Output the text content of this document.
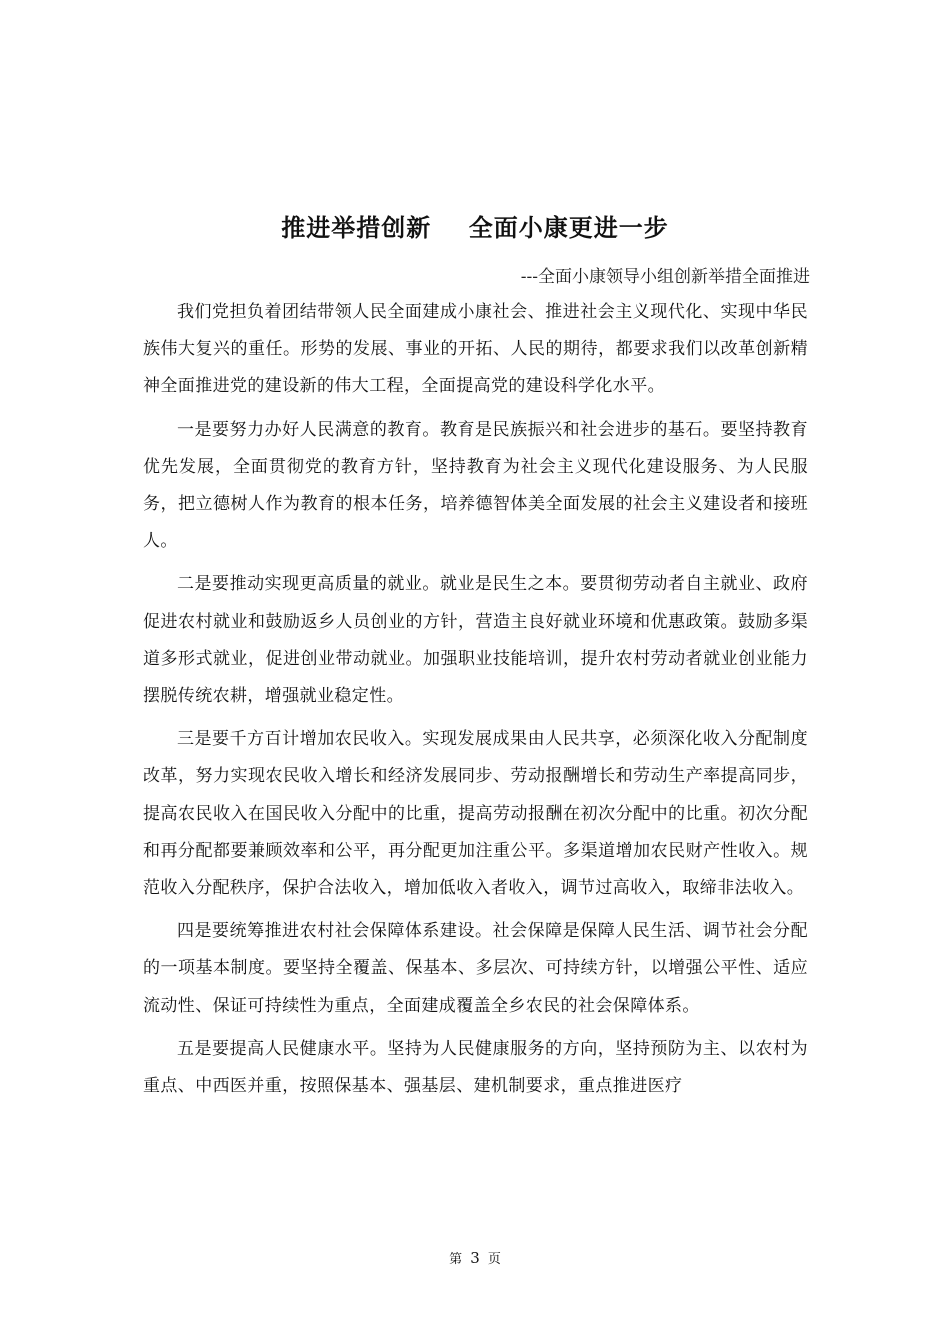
推进举措创新    全面小康更进一步
---全面小康领导小组创新举措全面推进

我们党担负着团结带领人民全面建成小康社会、推进社会主义现代化、实现中华民族伟大复兴的重任。形势的发展、事业的开拓、人民的期待，都要求我们以改革创新精神全面推进党的建设新的伟大工程，全面提高党的建设科学化水平。

一是要努力办好人民满意的教育。教育是民族振兴和社会进步的基石。要坚持教育优先发展，全面贯彻党的教育方针，坚持教育为社会主义现代化建设服务、为人民服务，把立德树人作为教育的根本任务，培养德智体美全面发展的社会主义建设者和接班人。

二是要推动实现更高质量的就业。就业是民生之本。要贯彻劳动者自主就业、政府促进农村就业和鼓励返乡人员创业的方针，营造主良好就业环境和优惠政策。鼓励多渠道多形式就业，促进创业带动就业。加强职业技能培训，提升农村劳动者就业创业能力摆脱传统农耕，增强就业稳定性。

三是要千方百计增加农民收入。实现发展成果由人民共享，必须深化收入分配制度改革，努力实现农民收入增长和经济发展同步、劳动报酬增长和劳动生产率提高同步，提高农民收入在国民收入分配中的比重，提高劳动报酬在初次分配中的比重。初次分配和再分配都要兼顾效率和公平，再分配更加注重公平。多渠道增加农民财产性收入。规范收入分配秩序，保护合法收入，增加低收入者收入，调节过高收入，取缔非法收入。

四是要统筹推进农村社会保障体系建设。社会保障是保障人民生活、调节社会分配的一项基本制度。要坚持全覆盖、保基本、多层次、可持续方针，以增强公平性、适应流动性、保证可持续性为重点，全面建成覆盖全乡农民的社会保障体系。

五是要提高人民健康水平。坚持为人民健康服务的方向，坚持预防为主、以农村为重点、中西医并重，按照保基本、强基层、建机制要求，重点推进医疗

第 3 页
